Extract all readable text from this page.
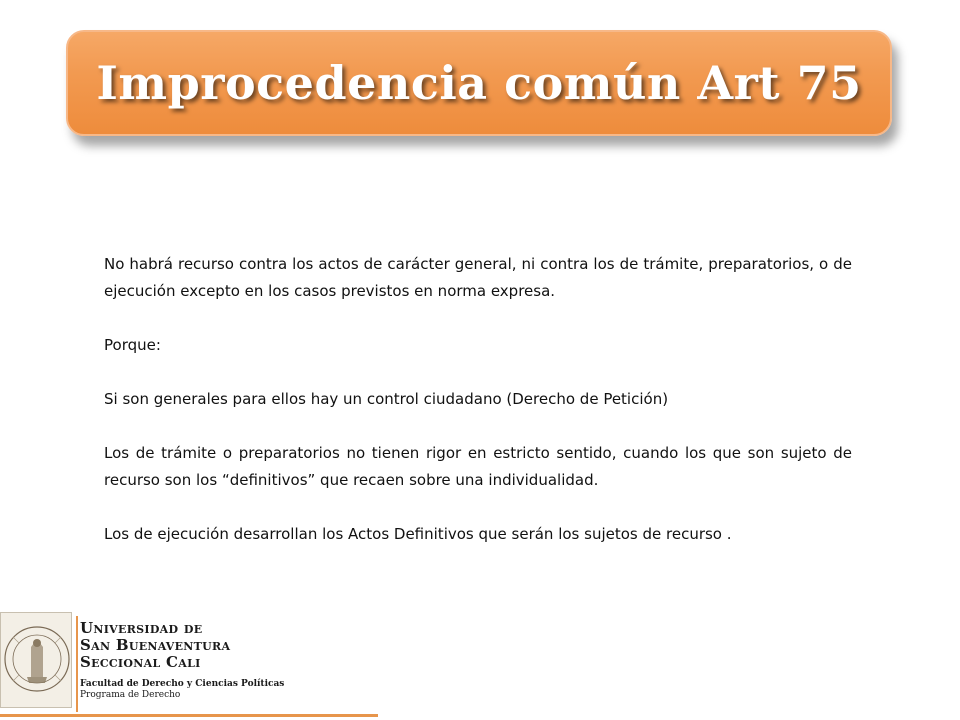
Improcedencia común Art 75

No habrá recurso contra los actos de carácter general, ni contra los de trámite, preparatorios, o de ejecución excepto en los casos previstos en norma expresa.

Porque:

Si son generales para ellos hay un control ciudadano (Derecho de Petición)

Los de trámite o preparatorios no tienen rigor en estricto sentido, cuando los que son sujeto de recurso son los “definitivos” que recaen sobre una individualidad.

Los de ejecución desarrollan los Actos Definitivos que serán los sujetos de recurso .

Universidad de
San Buenaventura
Seccional Cali
Facultad de Derecho y Ciencias Políticas
Programa de Derecho
